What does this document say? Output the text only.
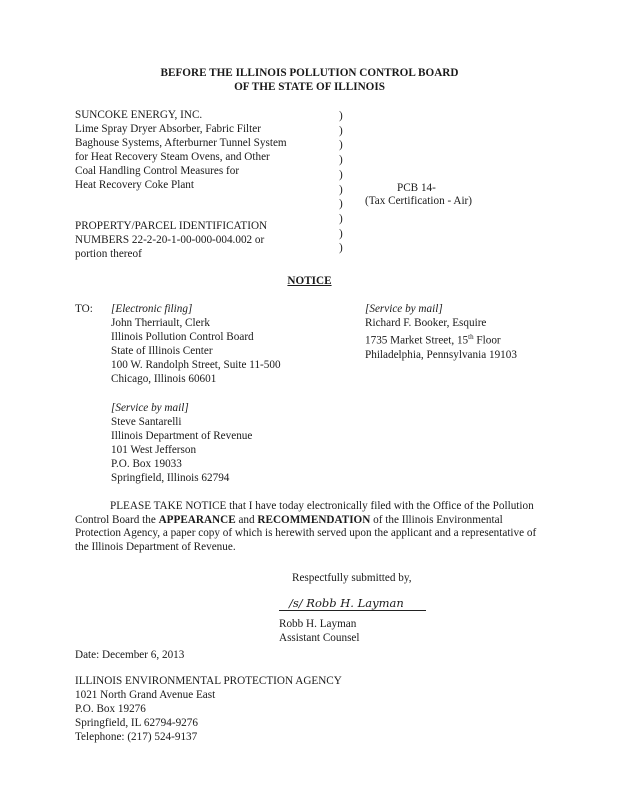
BEFORE THE ILLINOIS POLLUTION CONTROL BOARD
OF THE STATE OF ILLINOIS
SUNCOKE ENERGY, INC.
Lime Spray Dryer Absorber, Fabric Filter
Baghouse Systems, Afterburner Tunnel System
for Heat Recovery Steam Ovens, and Other
Coal Handling Control Measures for
Heat Recovery Coke Plant
PROPERTY/PARCEL IDENTIFICATION
NUMBERS 22-2-20-1-00-000-004.002 or
portion thereof
)
)
)
)
)
)
)
)
)
)
PCB 14-
(Tax Certification - Air)
NOTICE
TO: [Electronic filing]
John Therriault, Clerk
Illinois Pollution Control Board
State of Illinois Center
100 W. Randolph Street, Suite 11-500
Chicago, Illinois 60601
[Service by mail]
Richard F. Booker, Esquire
1735 Market Street, 15th Floor
Philadelphia, Pennsylvania 19103
[Service by mail]
Steve Santarelli
Illinois Department of Revenue
101 West Jefferson
P.O. Box 19033
Springfield, Illinois 62794
PLEASE TAKE NOTICE that I have today electronically filed with the Office of the Pollution Control Board the APPEARANCE and RECOMMENDATION of the Illinois Environmental Protection Agency, a paper copy of which is herewith served upon the applicant and a representative of the Illinois Department of Revenue.
Respectfully submitted by,
/s/ Robb H. Layman
Robb H. Layman
Assistant Counsel
Date: December 6, 2013
ILLINOIS ENVIRONMENTAL PROTECTION AGENCY
1021 North Grand Avenue East
P.O. Box 19276
Springfield, IL 62794-9276
Telephone: (217) 524-9137
